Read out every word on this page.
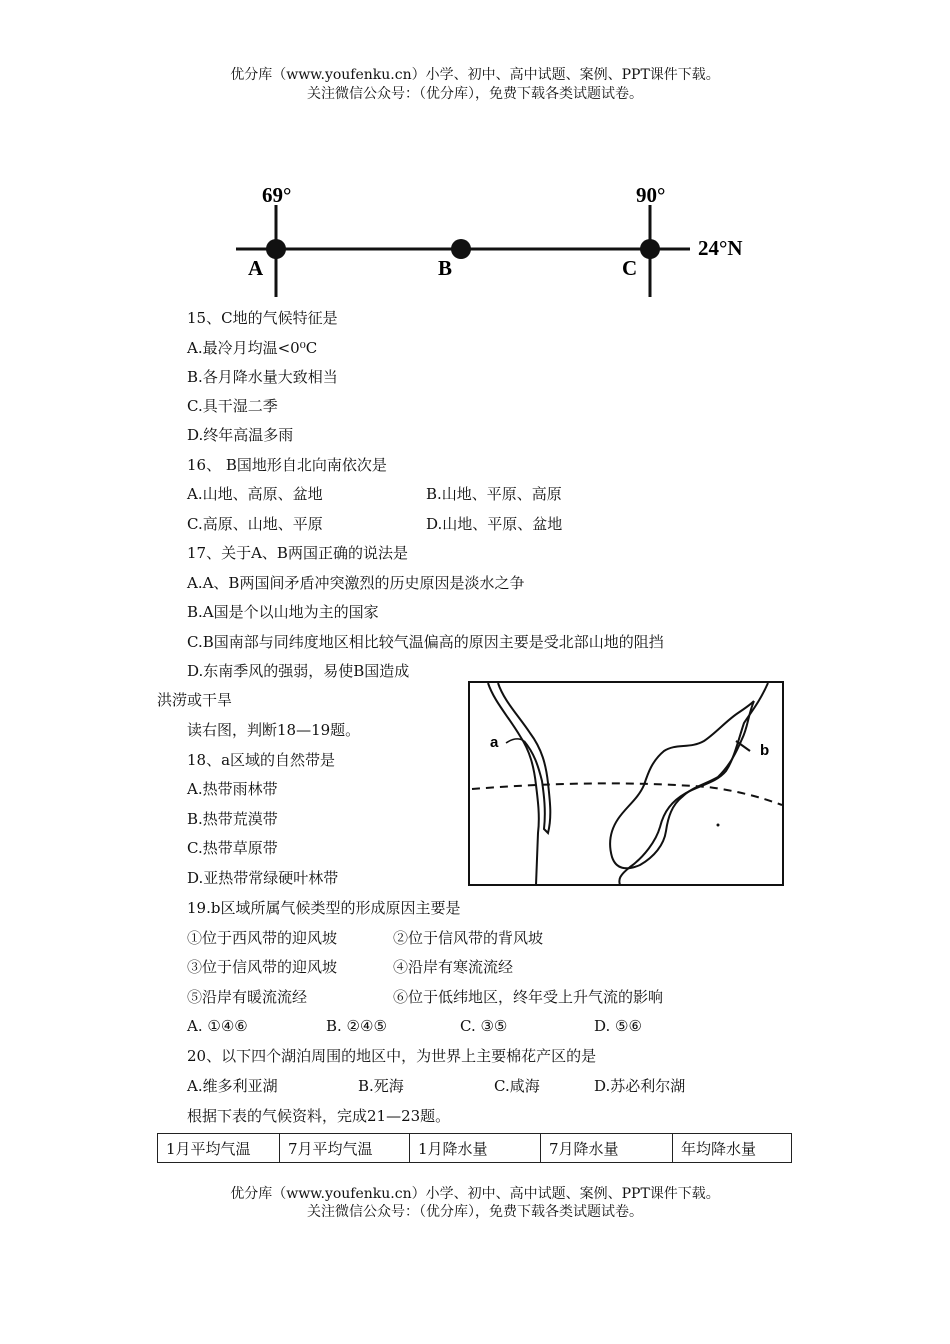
优分库（www.youfenku.cn）小学、初中、高中试题、案例、PPT课件下载。
关注微信公众号：（优分库），免费下载各类试题试卷。
69°	90°
24°N
A	B	C
15、C地的气候特征是
A.最冷月均温<0⁰C
B.各月降水量大致相当
C.具干湿二季
D.终年高温多雨
16、 B国地形自北向南依次是
A.山地、高原、盆地	B.山地、平原、高原
C.高原、山地、平原	D.山地、平原、盆地
17、关于A、B两国正确的说法是
A.A、B两国间矛盾冲突激烈的历史原因是淡水之争
B.A国是个以山地为主的国家
C.B国南部与同纬度地区相比较气温偏高的原因主要是受北部山地的阻挡
D.东南季风的强弱，易使B国造成
洪涝或干旱
读右图，判断18—19题。
a	b
18、a区域的自然带是
A.热带雨林带
B.热带荒漠带
C.热带草原带
D.亚热带常绿硬叶林带
19.b区域所属气候类型的形成原因主要是
①位于西风带的迎风坡	②位于信风带的背风坡
③位于信风带的迎风坡	④沿岸有寒流流经
⑤沿岸有暖流流经	⑥位于低纬地区，终年受上升气流的影响
A. ①④⑥	B. ②④⑤	C. ③⑤	D. ⑤⑥
20、以下四个湖泊周围的地区中，为世界上主要棉花产区的是
A.维多利亚湖	B.死海	C.咸海	D.苏必利尔湖
根据下表的气候资料，完成21—23题。
1月平均气温	7月平均气温	1月降水量	7月降水量	年均降水量
优分库（www.youfenku.cn）小学、初中、高中试题、案例、PPT课件下载。
关注微信公众号：（优分库），免费下载各类试题试卷。
